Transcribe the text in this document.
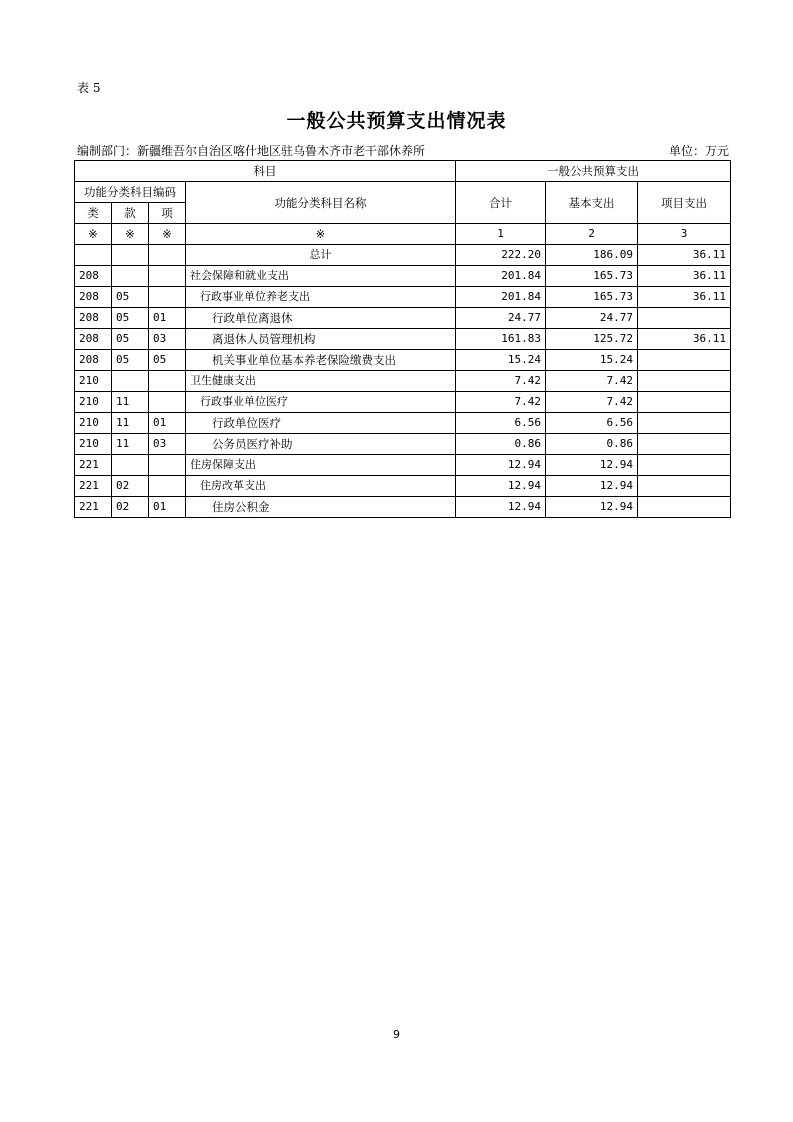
表 5
一般公共预算支出情况表
编制部门：新疆维吾尔自治区喀什地区驻乌鲁木齐市老干部休养所	单位：万元
科目				一般公共预算支出		
功能分类科目编码			功能分类科目名称	合计	基本支出	项目支出
类	款	项				
※	※	※	※	1	2	3
			总计	222.20	186.09	36.11
208			社会保障和就业支出	201.84	165.73	36.11
208	05		行政事业单位养老支出	201.84	165.73	36.11
208	05	01	行政单位离退休	24.77	24.77	
208	05	03	离退休人员管理机构	161.83	125.72	36.11
208	05	05	机关事业单位基本养老保险缴费支出	15.24	15.24	
210			卫生健康支出	7.42	7.42	
210	11		行政事业单位医疗	7.42	7.42	
210	11	01	行政单位医疗	6.56	6.56	
210	11	03	公务员医疗补助	0.86	0.86	
221			住房保障支出	12.94	12.94	
221	02		住房改革支出	12.94	12.94	
221	02	01	住房公积金	12.94	12.94	
9
